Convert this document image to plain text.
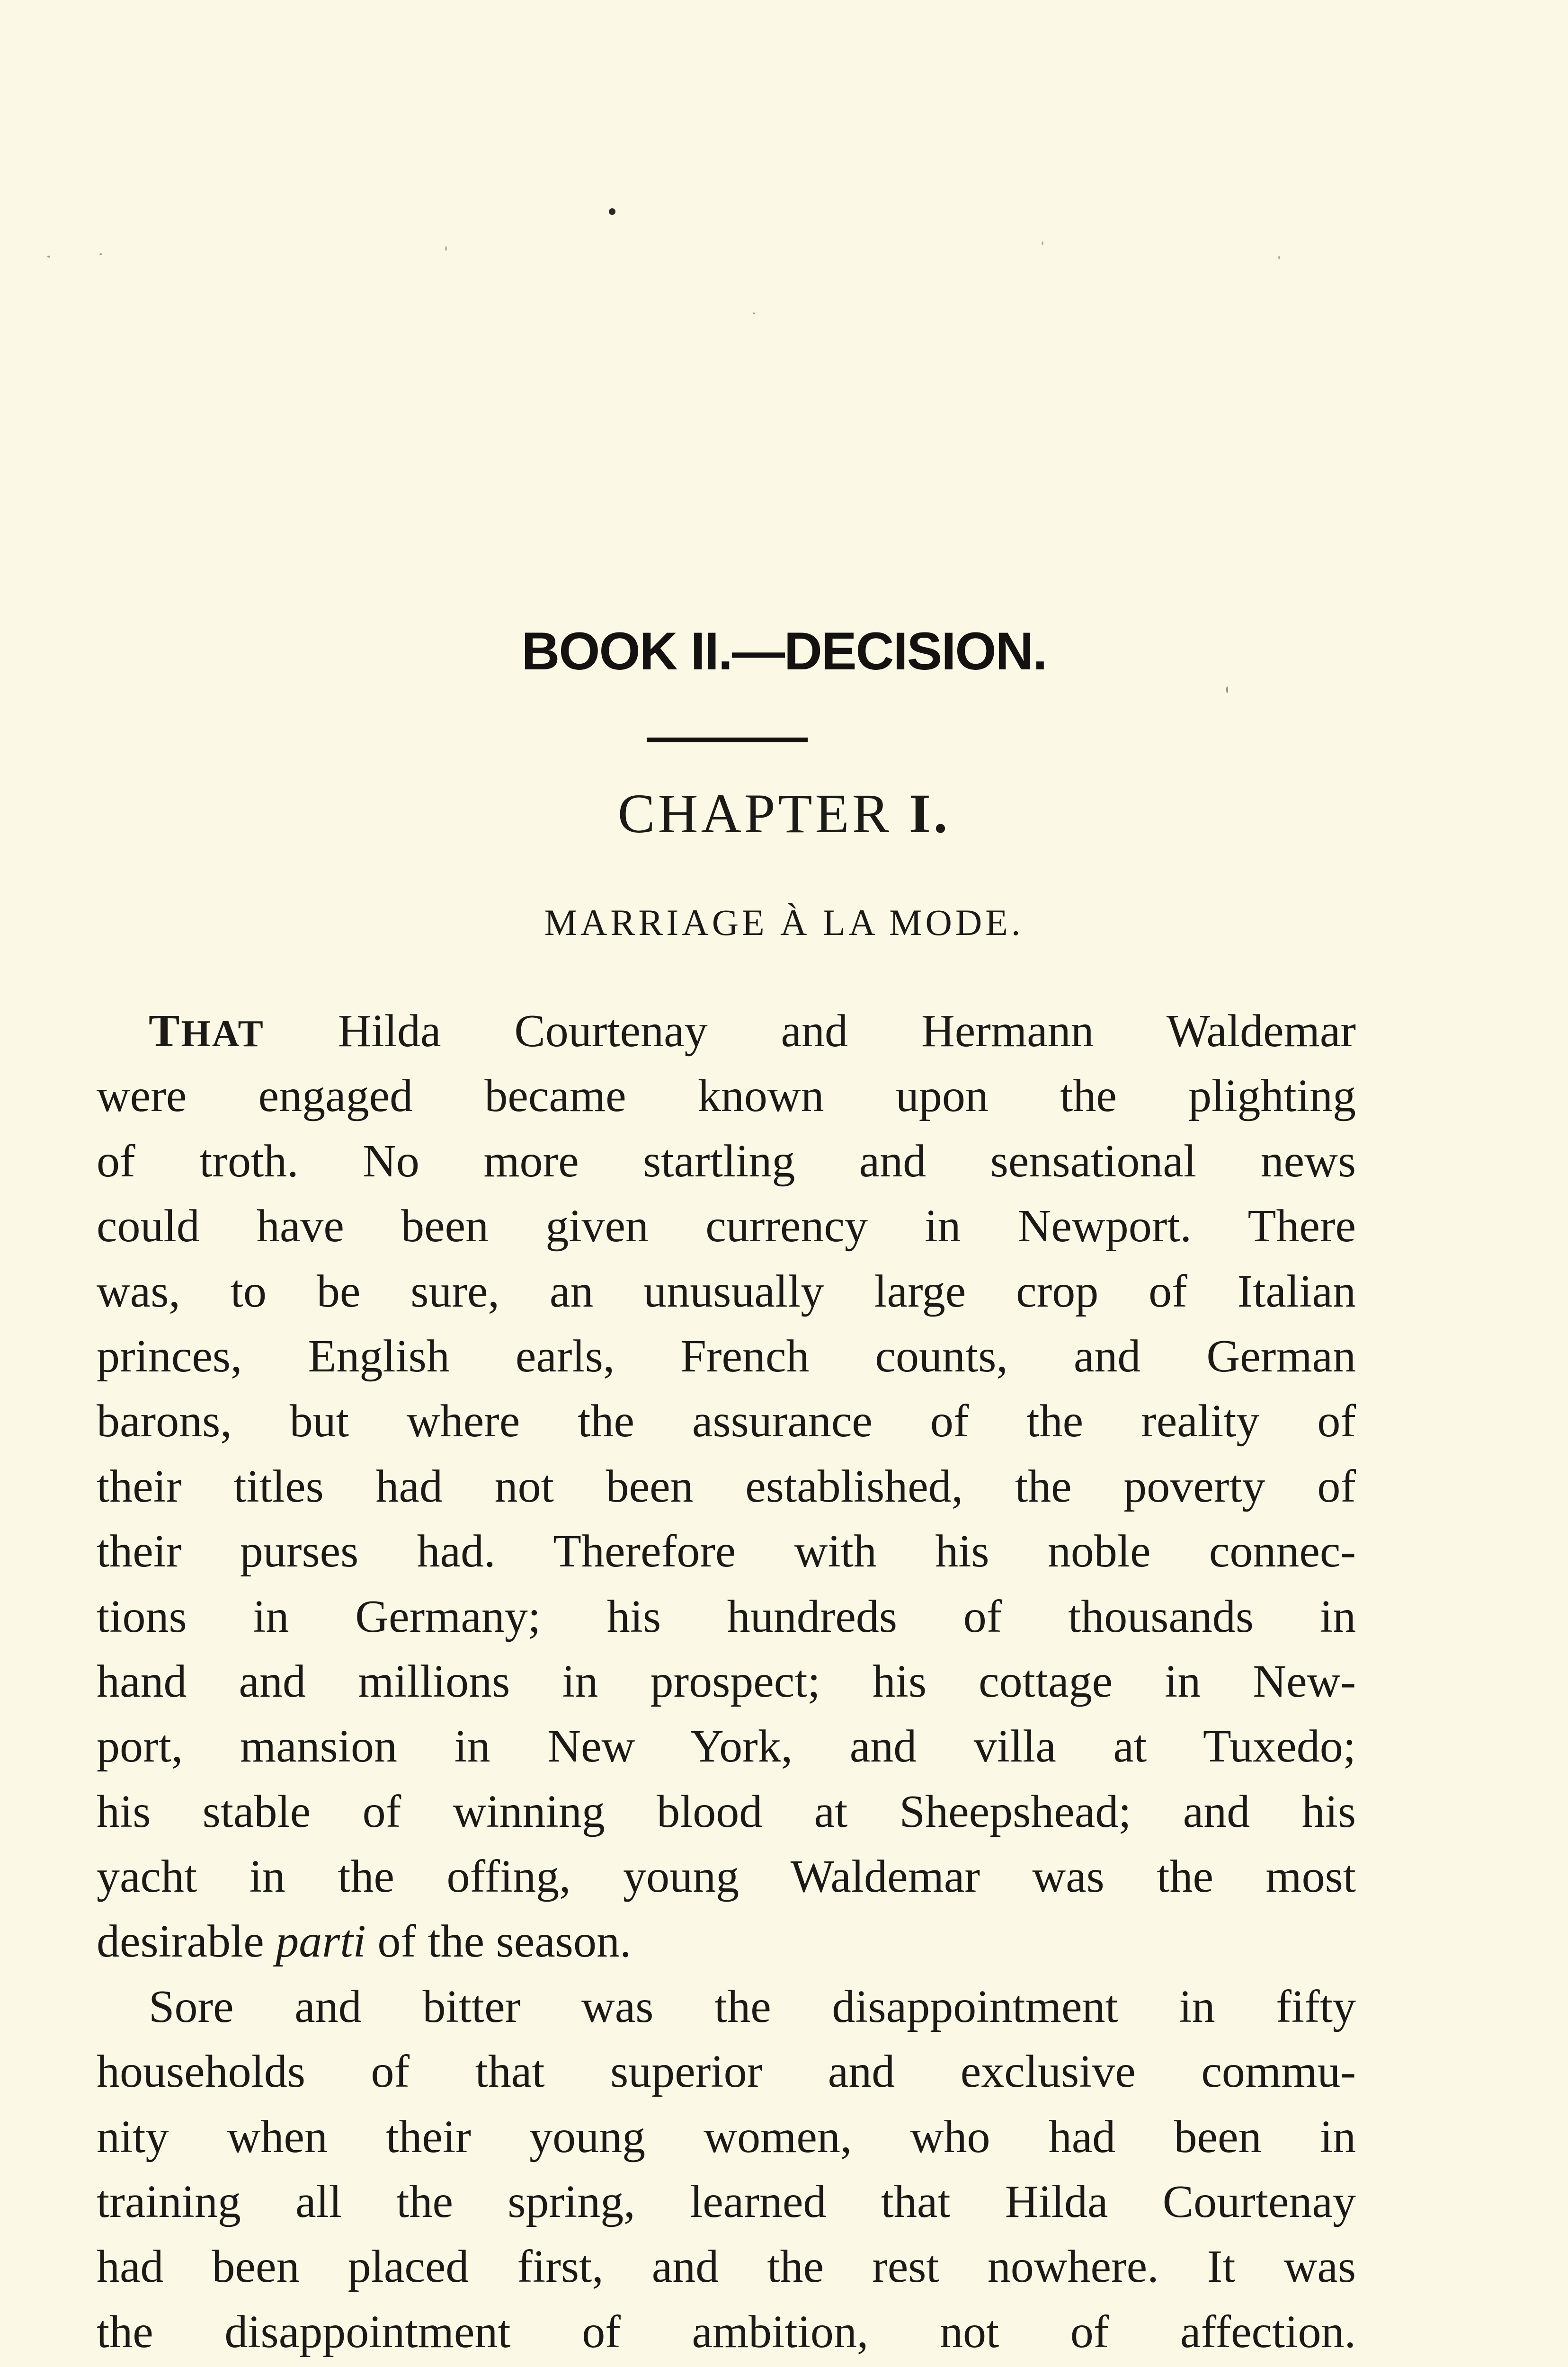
BOOK II.—DECISION.
CHAPTER I.
MARRIAGE À LA MODE.
THAT Hilda Courtenay and Hermann Waldemar
were engaged became known upon the plighting
of troth. No more startling and sensational news
could have been given currency in Newport. There
was, to be sure, an unusually large crop of Italian
princes, English earls, French counts, and German
barons, but where the assurance of the reality of
their titles had not been established, the poverty of
their purses had. Therefore with his noble connec-
tions in Germany; his hundreds of thousands in
hand and millions in prospect; his cottage in New-
port, mansion in New York, and villa at Tuxedo;
his stable of winning blood at Sheepshead; and his
yacht in the offing, young Waldemar was the most
desirable parti of the season.
Sore and bitter was the disappointment in fifty
households of that superior and exclusive commu-
nity when their young women, who had been in
training all the spring, learned that Hilda Courtenay
had been placed first, and the rest nowhere. It was
the disappointment of ambition, not of affection.
